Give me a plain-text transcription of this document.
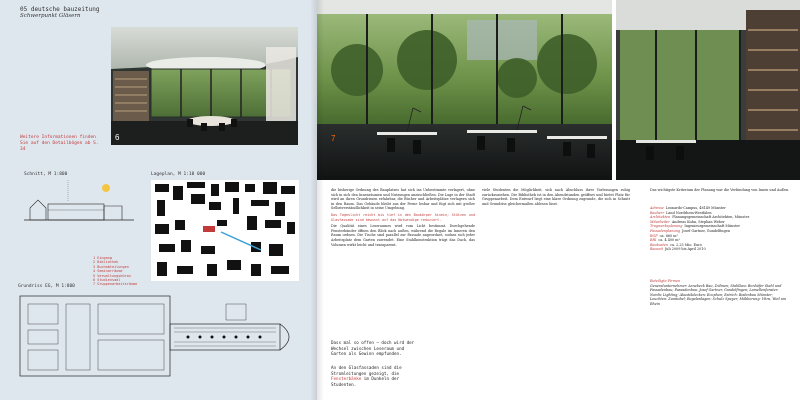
05 deutsche bauzeitung
Schwerpunkt Gläsern
6
Weitere Informationen finden Sie auf den Detailbögen ab S. 34
Schnitt, M 1:800	Lageplan, M 1:10 000
1 Eingang
2 Bibliothek
3 Buchabteilungen
4 Seminarräume
5 Verwaltungsbüros
6 Studiensaal
7 Gruppenarbeitsräume
Grundriss EG, M 1:800
7

die bisherige Ordnung des Bauplatzes hat sich ins Unbestimmte verlagert, ohne sich in sich den Innenräumen und Nutzungen anzuschließen. Die Lage in der Stadt wird an ihren Grundrissen erfahrbar, die Bücher und Arbeitsplätze verlagern sich in den Raum. Das Gebäude bleibt aus der Ferne lesbar und fügt sich mit großer Selbstverständlichkeit in seine Umgebung.

Das Tageslicht reicht bis tief in den Baukörper hinein; Stützen und Glasfassade sind bewusst auf das Notwendige reduziert.

Die Qualität eines Leseraumes wird vom Licht bestimmt. Durchgehende Fensterbänder öffnen den Blick nach außen, während die Regale im Inneren den Raum ordnen. Die Tische sind parallel zur Fassade angeordnet, sodass sich jeder Arbeitsplatz dem Garten zuwendet. Eine Stahlkonstruktion trägt das Dach, das Volumen wirkt leicht und transparent.

viele Studenten die Möglichkeit, sich nach Abschluss ihrer Vorlesungen ruhig zurückzuziehen. Die Bibliothek ist in den Abendstunden geöffnet und bietet Platz für Gruppenarbeit. Dem Entwurf liegt eine klare Ordnung zugrunde, die sich in Schnitt und Grundriss gleichermaßen ablesen lässt.

Das wichtigste Kriterium der Planung war die Verbindung von Innen und Außen.

Adresse Leonardo-Campus, 48149 Münster
Bauherr Land Nordrhein-Westfalen
Architekten Planungsgemeinschaft Architekten, Münster
Mitarbeiter Andreas Kuhn, Stephan Weber
Tragwerksplanung Ingenieurgemeinschaft Münster
Fassadenplanung Josef Gartner, Gundelfingen
BGF ca. 860 m²
BRI ca. 4 400 m³
Baukosten ca. 2,25 Mio. Euro
Bauzeit Juli 2009 bis April 2010
Beteiligte Firmen
Generalunternehmer: Arnebeck Bau, Dülmen; Stahlbau: Bonhöfer Stahl und Fassadenbau; Fassadenbau: Josef Gartner, Gundelfingen; Lamellenfenster: Nordic Lighting; Akustikdecken: Ecophon; Estrich: Bodenbau Münster; Leuchten: Zumtobel; Regalanlagen: Schulz Speyer; Möblierung: Vitra, Weil am Rhein
Dass mal so offen – doch wird der Wechsel zwischen Leseraum und Garten als Gewinn empfunden.
An den Glasfassaden sind die Stromleitungen gezeigt, die Fensterbänke im Dunkeln der Studenten.
